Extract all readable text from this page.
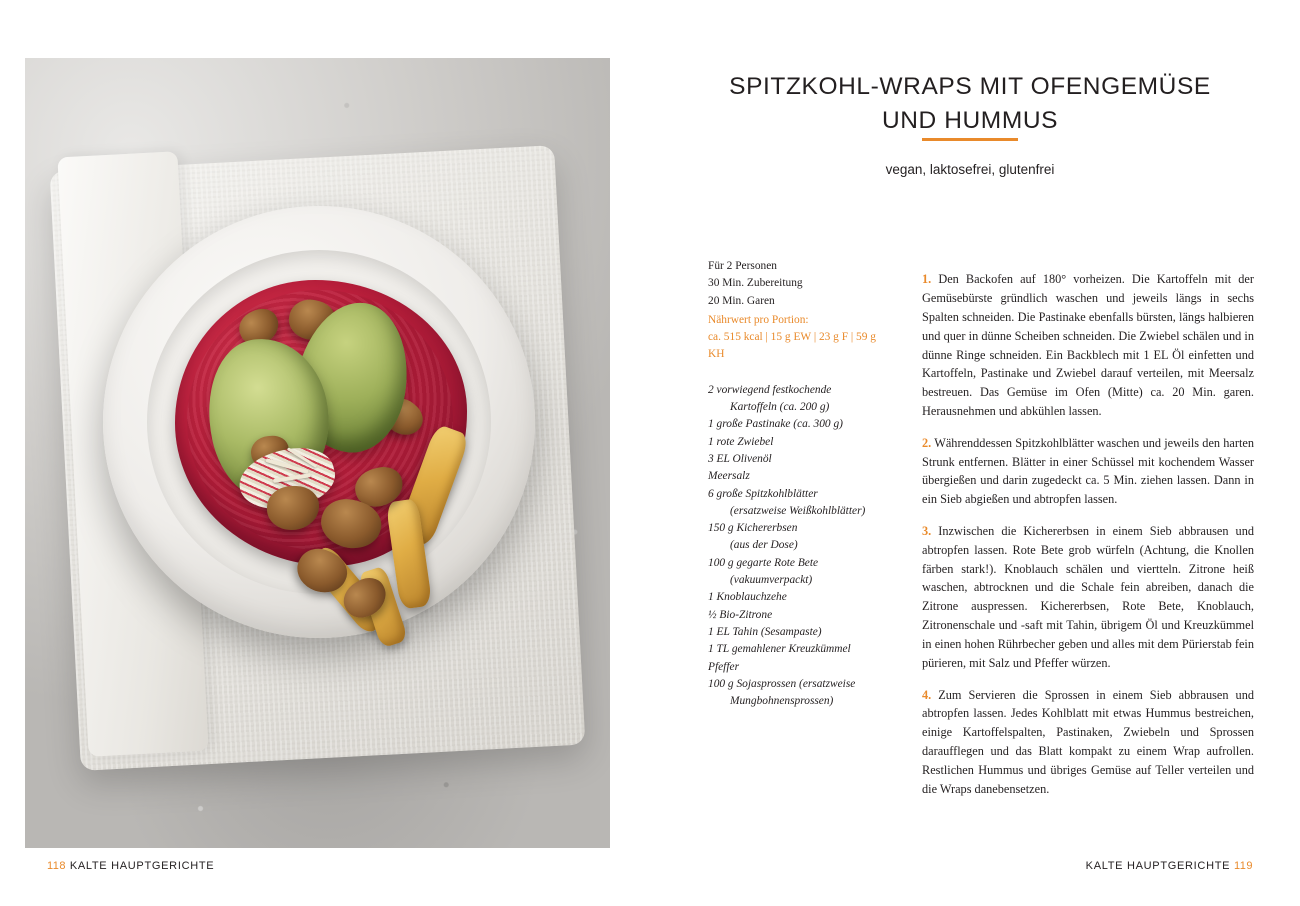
SPITZKOHL-WRAPS MIT OFENGEMÜSE UND HUMMUS
vegan, laktosefrei, glutenfrei
Für 2 Personen
30 Min. Zubereitung
20 Min. Garen
Nährwert pro Portion:
ca. 515 kcal | 15 g EW | 23 g F | 59 g KH
2 vorwiegend festkochende
Kartoffeln (ca. 200 g)
1 große Pastinake (ca. 300 g)
1 rote Zwiebel
3 EL Olivenöl
Meersalz
6 große Spitzkohlblätter
(ersatzweise Weißkohlblätter)
150 g Kichererbsen
(aus der Dose)
100 g gegarte Rote Bete
(vakuumverpackt)
1 Knoblauchzehe
½ Bio-Zitrone
1 EL Tahin (Sesampaste)
1 TL gemahlener Kreuzkümmel
Pfeffer
100 g Sojasprossen (ersatzweise
Mungbohnensprossen)

1. Den Backofen auf 180° vorheizen. Die Kartoffeln mit der Gemüsebürste gründlich waschen und jeweils längs in sechs Spalten schneiden. Die Pastinake ebenfalls bürsten, längs halbieren und quer in dünne Scheiben schneiden. Die Zwiebel schälen und in dünne Ringe schneiden. Ein Backblech mit 1 EL Öl einfetten und Kartoffeln, Pastinake und Zwiebel darauf verteilen, mit Meersalz bestreuen. Das Gemüse im Ofen (Mitte) ca. 20 Min. garen. Herausnehmen und abkühlen lassen.

2. Währenddessen Spitzkohlblätter waschen und jeweils den harten Strunk entfernen. Blätter in einer Schüssel mit kochendem Wasser übergießen und darin zugedeckt ca. 5 Min. ziehen lassen. Dann in ein Sieb abgießen und abtropfen lassen.

3. Inzwischen die Kichererbsen in einem Sieb abbrausen und abtropfen lassen. Rote Bete grob würfeln (Achtung, die Knollen färben stark!). Knoblauch schälen und viertteln. Zitrone heiß waschen, abtrocknen und die Schale fein abreiben, danach die Zitrone auspressen. Kichererbsen, Rote Bete, Knoblauch, Zitronenschale und -saft mit Tahin, übrigem Öl und Kreuzkümmel in einen hohen Rührbecher geben und alles mit dem Pürierstab fein pürieren, mit Salz und Pfeffer würzen.

4. Zum Servieren die Sprossen in einem Sieb abbrausen und abtropfen lassen. Jedes Kohlblatt mit etwas Hummus bestreichen, einige Kartoffelspalten, Pastinaken, Zwiebeln und Sprossen daraufflegen und das Blatt kompakt zu einem Wrap aufrollen. Restlichen Hummus und übriges Gemüse auf Teller verteilen und die Wraps danebensetzen.

118 KALTE HAUPTGERICHTE	KALTE HAUPTGERICHTE 119
